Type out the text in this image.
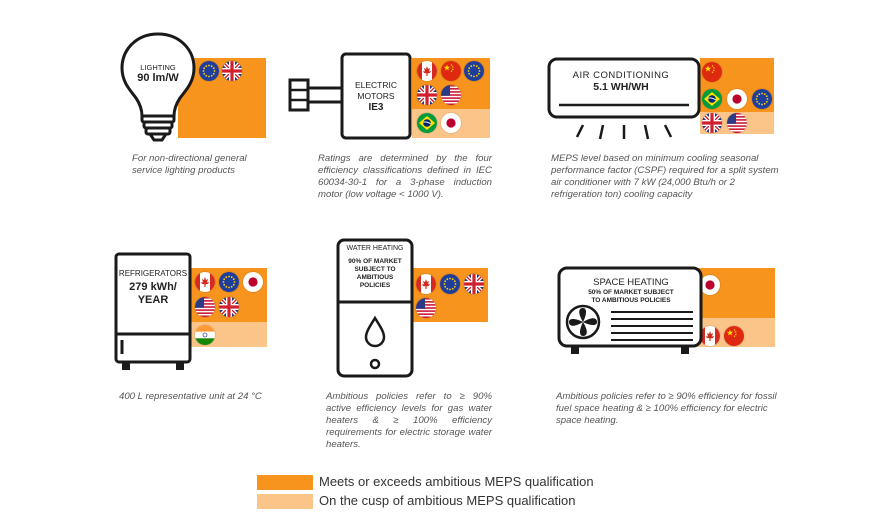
LIGHTING
90 lm/W
For non-directional general service lighting products
ELECTRIC
MOTORS
IE3
Ratings are determined by the four efficiency classifications defined in IEC 60034-30-1 for a 3-phase induction motor (low voltage < 1000 V).
AIR CONDITIONING
5.1 WH/WH
MEPS level based on minimum cooling seasonal performance factor (CSPF) required for a split system air conditioner with 7 kW (24,000 Btu/h or 2 refrigeration ton) cooling capacity
REFRIGERATORS
279 kWh/
YEAR
400 L representative unit at 24 °C
WATER HEATING
90% OF MARKET
SUBJECT TO
AMBITIOUS
POLICIES
Ambitious policies refer to ≥ 90% active efficiency levels for gas water heaters & ≥ 100% efficiency requirements for electric storage water heaters.
SPACE HEATING
50% OF MARKET SUBJECT
TO AMBITIOUS POLICIES
Ambitious policies refer to ≥ 90% efficiency for fossil fuel space heating & ≥ 100% efficiency for electric space heating.
Meets or exceeds ambitious MEPS qualification
On the cusp of ambitious MEPS qualification
